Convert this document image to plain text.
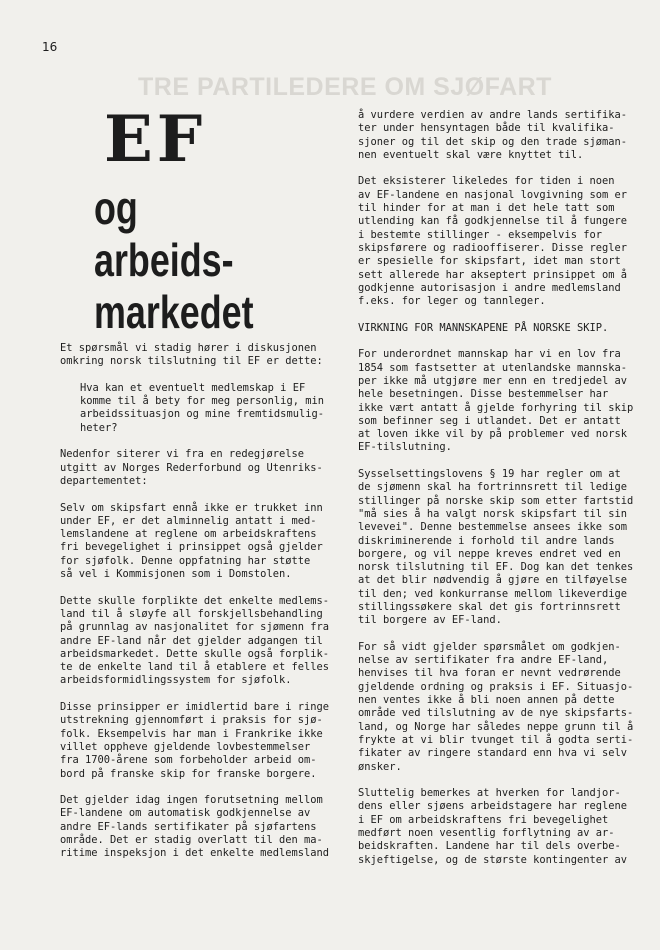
16
TRE PARTILEDERE OM SJØFART
EF
og arbeids-
markedet

Et spørsmål vi stadig hører i diskusjonen
omkring norsk tilslutning til EF er dette:

Hva kan et eventuelt medlemskap i EF
komme til å bety for meg personlig, min
arbeidssituasjon og mine fremtidsmulig-
heter?

Nedenfor siterer vi fra en redegjørelse
utgitt av Norges Rederforbund og Utenriks-
departementet:

Selv om skipsfart ennå ikke er trukket inn
under EF, er det alminnelig antatt i med-
lemslandene at reglene om arbeidskraftens
fri bevegelighet i prinsippet også gjelder
for sjøfolk. Denne oppfatning har støtte
så vel i Kommisjonen som i Domstolen.

Dette skulle forplikte det enkelte medlems-
land til å sløyfe all forskjellsbehandling
på grunnlag av nasjonalitet for sjømenn fra
andre EF-land når det gjelder adgangen til
arbeidsmarkedet. Dette skulle også forplik-
te de enkelte land til å etablere et felles
arbeidsformidlingssystem for sjøfolk.

Disse prinsipper er imidlertid bare i ringe
utstrekning gjennomført i praksis for sjø-
folk. Eksempelvis har man i Frankrike ikke
villet oppheve gjeldende lovbestemmelser
fra 1700-årene som forbeholder arbeid om-
bord på franske skip for franske borgere.

Det gjelder idag ingen forutsetning mellom
EF-landene om automatisk godkjennelse av
andre EF-lands sertifikater på sjøfartens
område. Det er stadig overlatt til den ma-
ritime inspeksjon i det enkelte medlemsland

å vurdere verdien av andre lands sertifika-
ter under hensyntagen både til kvalifika-
sjoner og til det skip og den trade sjøman-
nen eventuelt skal være knyttet til.

Det eksisterer likeledes for tiden i noen
av EF-landene en nasjonal lovgivning som er
til hinder for at man i det hele tatt som
utlending kan få godkjennelse til å fungere
i bestemte stillinger - eksempelvis for
skipsførere og radiooffiserer. Disse regler
er spesielle for skipsfart, idet man stort
sett allerede har akseptert prinsippet om å
godkjenne autorisasjon i andre medlemsland
f.eks. for leger og tannleger.

VIRKNING FOR MANNSKAPENE PÅ NORSKE SKIP.

For underordnet mannskap har vi en lov fra
1854 som fastsetter at utenlandske mannska-
per ikke må utgjøre mer enn en tredjedel av
hele besetningen. Disse bestemmelser har
ikke vært antatt å gjelde forhyring til skip
som befinner seg i utlandet. Det er antatt
at loven ikke vil by på problemer ved norsk
EF-tilslutning.

Sysselsettingslovens § 19 har regler om at
de sjømenn skal ha fortrinnsrett til ledige
stillinger på norske skip som etter fartstid
"må sies å ha valgt norsk skipsfart til sin
levevei". Denne bestemmelse ansees ikke som
diskriminerende i forhold til andre lands
borgere, og vil neppe kreves endret ved en
norsk tilslutning til EF. Dog kan det tenkes
at det blir nødvendig å gjøre en tilføyelse
til den; ved konkurranse mellom likeverdige
stillingssøkere skal det gis fortrinnsrett
til borgere av EF-land.

For så vidt gjelder spørsmålet om godkjen-
nelse av sertifikater fra andre EF-land,
henvises til hva foran er nevnt vedrørende
gjeldende ordning og praksis i EF. Situasjo-
nen ventes ikke å bli noen annen på dette
område ved tilslutning av de nye skipsfarts-
land, og Norge har således neppe grunn til å
frykte at vi blir tvunget til å godta serti-
fikater av ringere standard enn hva vi selv
ønsker.

Sluttelig bemerkes at hverken for landjor-
dens eller sjøens arbeidstagere har reglene
i EF om arbeidskraftens fri bevegelighet
medført noen vesentlig forflytning av ar-
beidskraften. Landene har til dels overbe-
skjeftigelse, og de største kontingenter av
